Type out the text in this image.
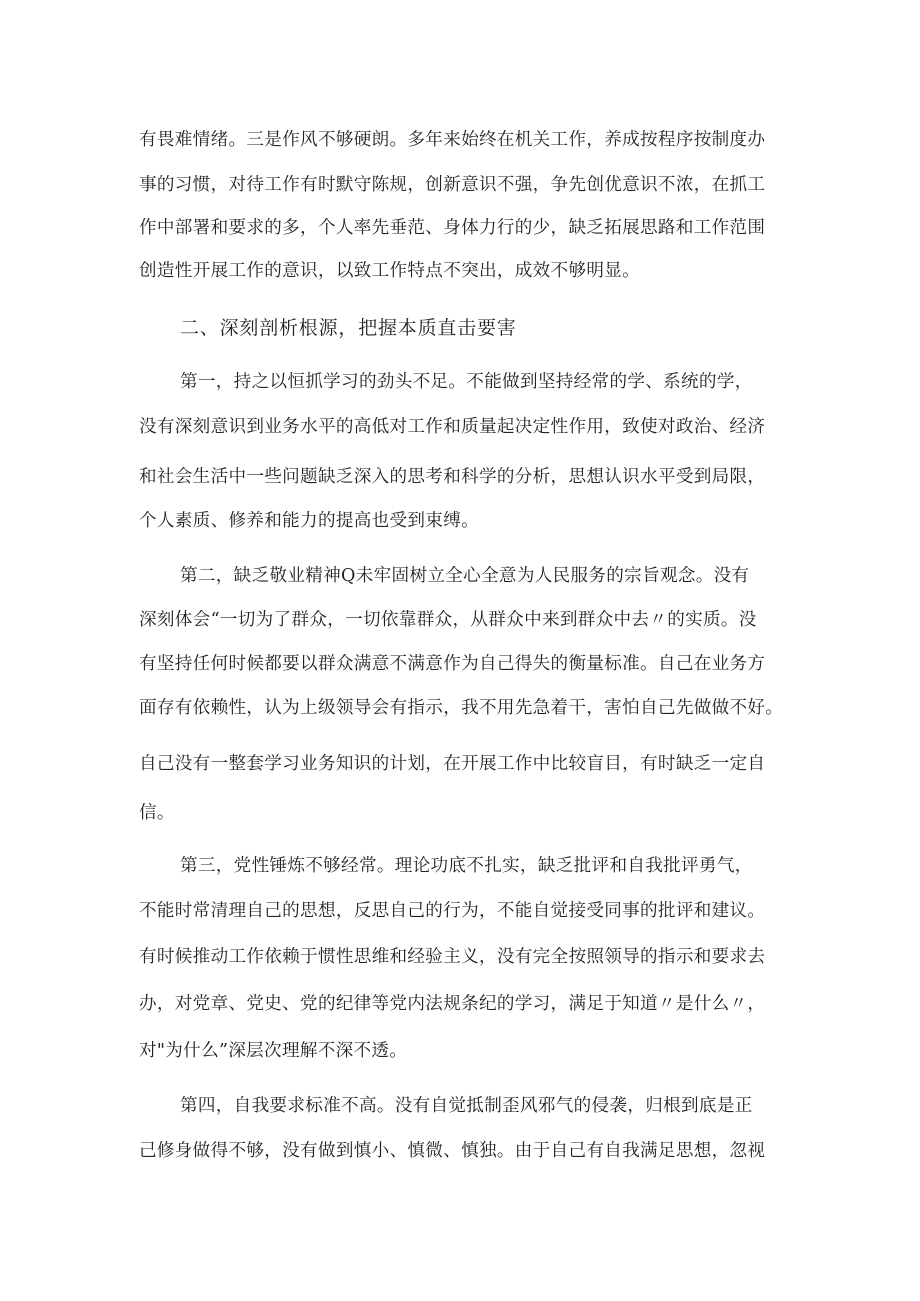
有畏难情绪。三是作风不够硬朗。多年来始终在机关工作，养成按程序按制度办

事的习惯，对待工作有时默守陈规，创新意识不强，争先创优意识不浓，在抓工

作中部署和要求的多，个人率先垂范、身体力行的少，缺乏拓展思路和工作范围

创造性开展工作的意识，以致工作特点不突出，成效不够明显。

二、深刻剖析根源，把握本质直击要害

第一，持之以恒抓学习的劲头不足。不能做到坚持经常的学、系统的学，

没有深刻意识到业务水平的高低对工作和质量起决定性作用，致使对政治、经济

和社会生活中一些问题缺乏深入的思考和科学的分析，思想认识水平受到局限，

个人素质、修养和能力的提高也受到束缚。

第二，缺乏敬业精神Q未牢固树立全心全意为人民服务的宗旨观念。没有

深刻体会“一切为了群众，一切依靠群众，从群众中来到群众中去〃的实质。没

有坚持任何时候都要以群众满意不满意作为自己得失的衡量标准。自己在业务方

面存有依赖性，认为上级领导会有指示，我不用先急着干，害怕自己先做做不好。

自己没有一整套学习业务知识的计划，在开展工作中比较盲目，有时缺乏一定自

信。

第三，党性锤炼不够经常。理论功底不扎实，缺乏批评和自我批评勇气，

不能时常清理自己的思想，反思自己的行为，不能自觉接受同事的批评和建议。

有时候推动工作依赖于惯性思维和经验主义，没有完全按照领导的指示和要求去

办，对党章、党史、党的纪律等党内法规条纪的学习，满足于知道〃是什么〃，

对"为什么”深层次理解不深不透。

第四，自我要求标准不高。没有自觉抵制歪风邪气的侵袭，归根到底是正

己修身做得不够，没有做到慎小、慎微、慎独。由于自己有自我满足思想，忽视
